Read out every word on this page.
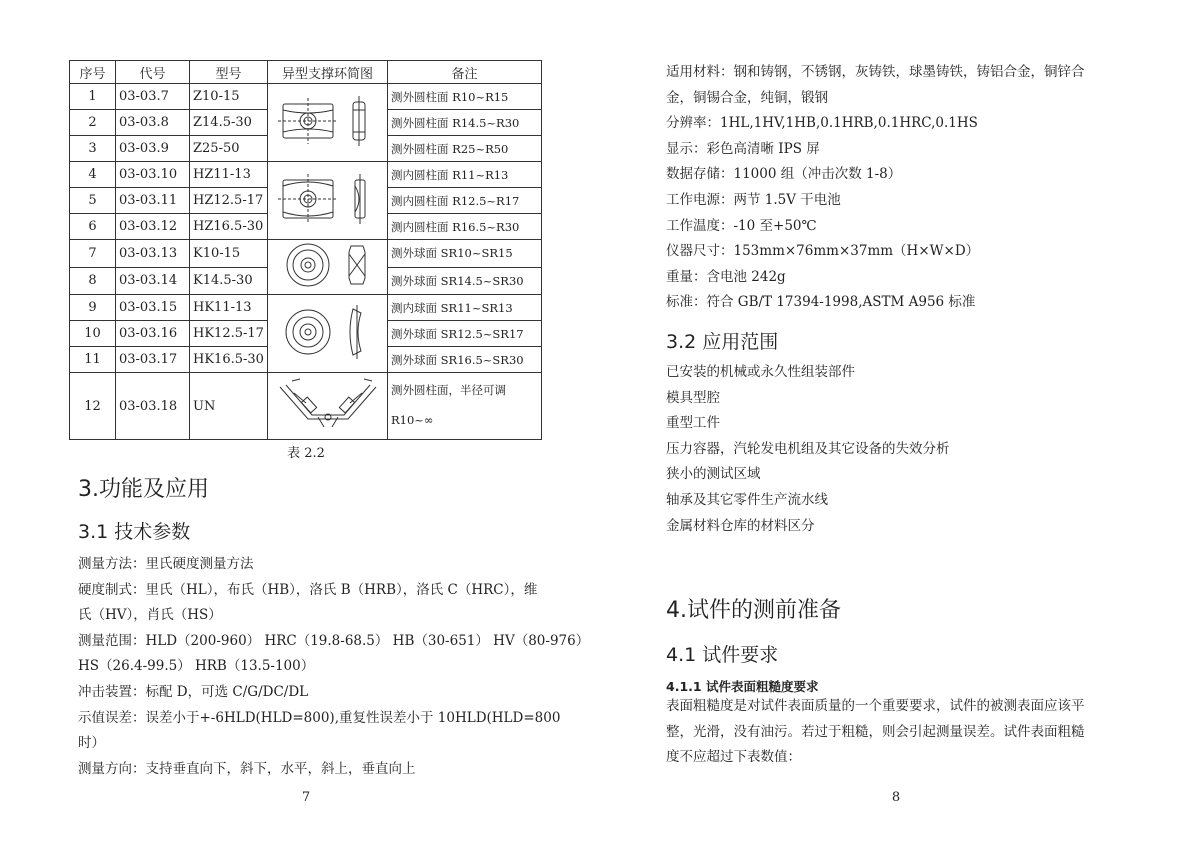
序号	代号	型号	异型支撑环简图	备注
1	03-03.7	Z10-15		测外圆柱面 R10~R15
2	03-03.8	Z14.5-30		测外圆柱面 R14.5~R30
3	03-03.9	Z25-50		测外圆柱面 R25~R50
4	03-03.10	HZ11-13		测内圆柱面 R11~R13
5	03-03.11	HZ12.5-17		测内圆柱面 R12.5~R17
6	03-03.12	HZ16.5-30		测内圆柱面 R16.5~R30
7	03-03.13	K10-15		测外球面 SR10~SR15
8	03-03.14	K14.5-30		测外球面 SR14.5~SR30
9	03-03.15	HK11-13		测内球面 SR11~SR13
10	03-03.16	HK12.5-17		测外球面 SR12.5~SR17
11	03-03.17	HK16.5-30		测外球面 SR16.5~SR30
12	03-03.18	UN		测外圆柱面，半径可调 R10~∞
表 2.2
3.功能及应用
3.1 技术参数
测量方法：里氏硬度测量方法
硬度制式：里氏（HL），布氏（HB），洛氏 B（HRB），洛氏 C（HRC），维
氏（HV），肖氏（HS）
测量范围：HLD（200-960） HRC（19.8-68.5） HB（30-651） HV（80-976）
HS（26.4-99.5） HRB（13.5-100）
冲击装置：标配 D，可选 C/G/DC/DL
示值误差：误差小于+-6HLD(HLD=800),重复性误差小于 10HLD(HLD=800
时）
测量方向：支持垂直向下，斜下，水平，斜上，垂直向上
7
适用材料：钢和铸钢，不锈钢，灰铸铁，球墨铸铁，铸铝合金，铜锌合
金，铜锡合金，纯铜，锻钢
分辨率：1HL,1HV,1HB,0.1HRB,0.1HRC,0.1HS
显示：彩色高清晰 IPS 屏
数据存储：11000 组（冲击次数 1-8）
工作电源：两节 1.5V 干电池
工作温度：-10 至+50℃
仪器尺寸：153mm×76mm×37mm（H×W×D）
重量：含电池 242g
标准：符合 GB/T 17394-1998,ASTM A956 标准
3.2 应用范围
已安装的机械或永久性组装部件
模具型腔
重型工件
压力容器，汽轮发电机组及其它设备的失效分析
狭小的测试区域
轴承及其它零件生产流水线
金属材料仓库的材料区分
4.试件的测前准备
4.1 试件要求
4.1.1 试件表面粗糙度要求
表面粗糙度是对试件表面质量的一个重要要求，试件的被测表面应该平
整，光滑，没有油污。若过于粗糙，则会引起测量误差。试件表面粗糙
度不应超过下表数值：
8
